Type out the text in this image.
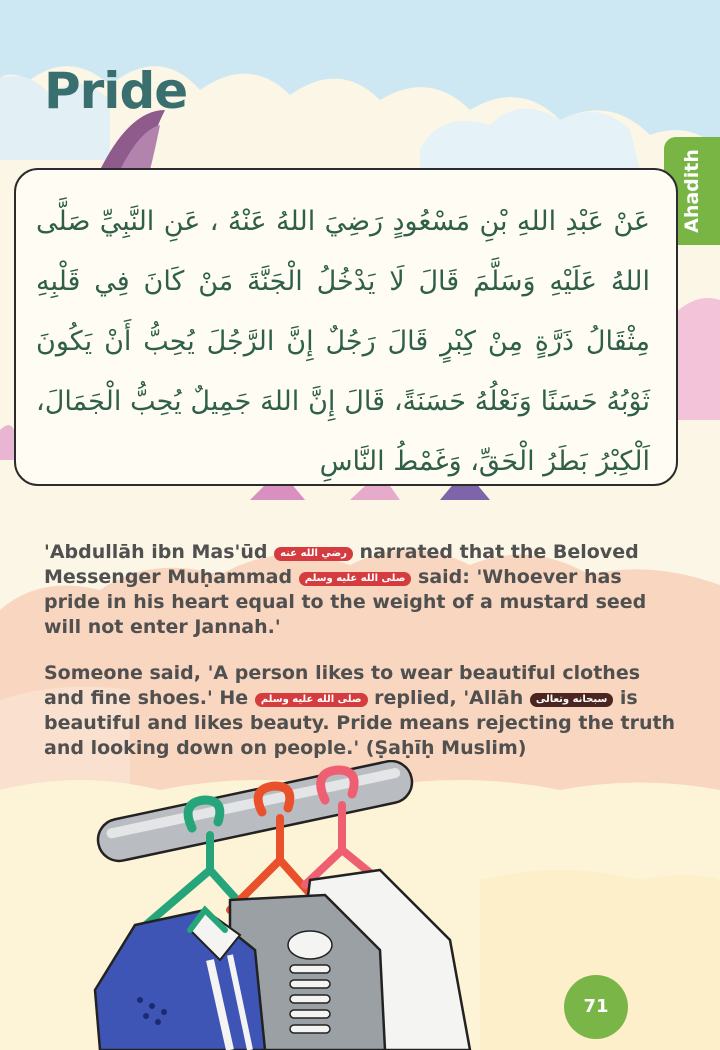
Pride
Ahadith

عَنْ عَبْدِ اللهِ بْنِ مَسْعُودٍ رَضِيَ اللهُ عَنْهُ ، عَنِ النَّبِيِّ صَلَّى اللهُ عَلَيْهِ وَسَلَّمَ قَالَ لَا يَدْخُلُ الْجَنَّةَ مَنْ كَانَ فِي قَلْبِهِ مِثْقَالُ ذَرَّةٍ مِنْ كِبْرٍ قَالَ رَجُلٌ إِنَّ الرَّجُلَ يُحِبُّ أَنْ يَكُونَ ثَوْبُهُ حَسَنًا وَنَعْلُهُ حَسَنَةً، قَالَ إِنَّ اللهَ جَمِيلٌ يُحِبُّ الْجَمَالَ، اَلْكِبْرُ بَطَرُ الْحَقِّ، وَغَمْطُ النَّاسِ

'Abdullāh ibn Mas'ūd رضي الله عنه narrated that the Beloved Messenger Muḥammad صلى الله عليه وسلم said: 'Whoever has pride in his heart equal to the weight of a mustard seed will not enter Jannah.'

Someone said, 'A person likes to wear beautiful clothes and fine shoes.' He صلى الله عليه وسلم replied, 'Allāh سبحانه وتعالى is beautiful and likes beauty. Pride means rejecting the truth and looking down on people.' (Ṣaḥīḥ Muslim)

71
